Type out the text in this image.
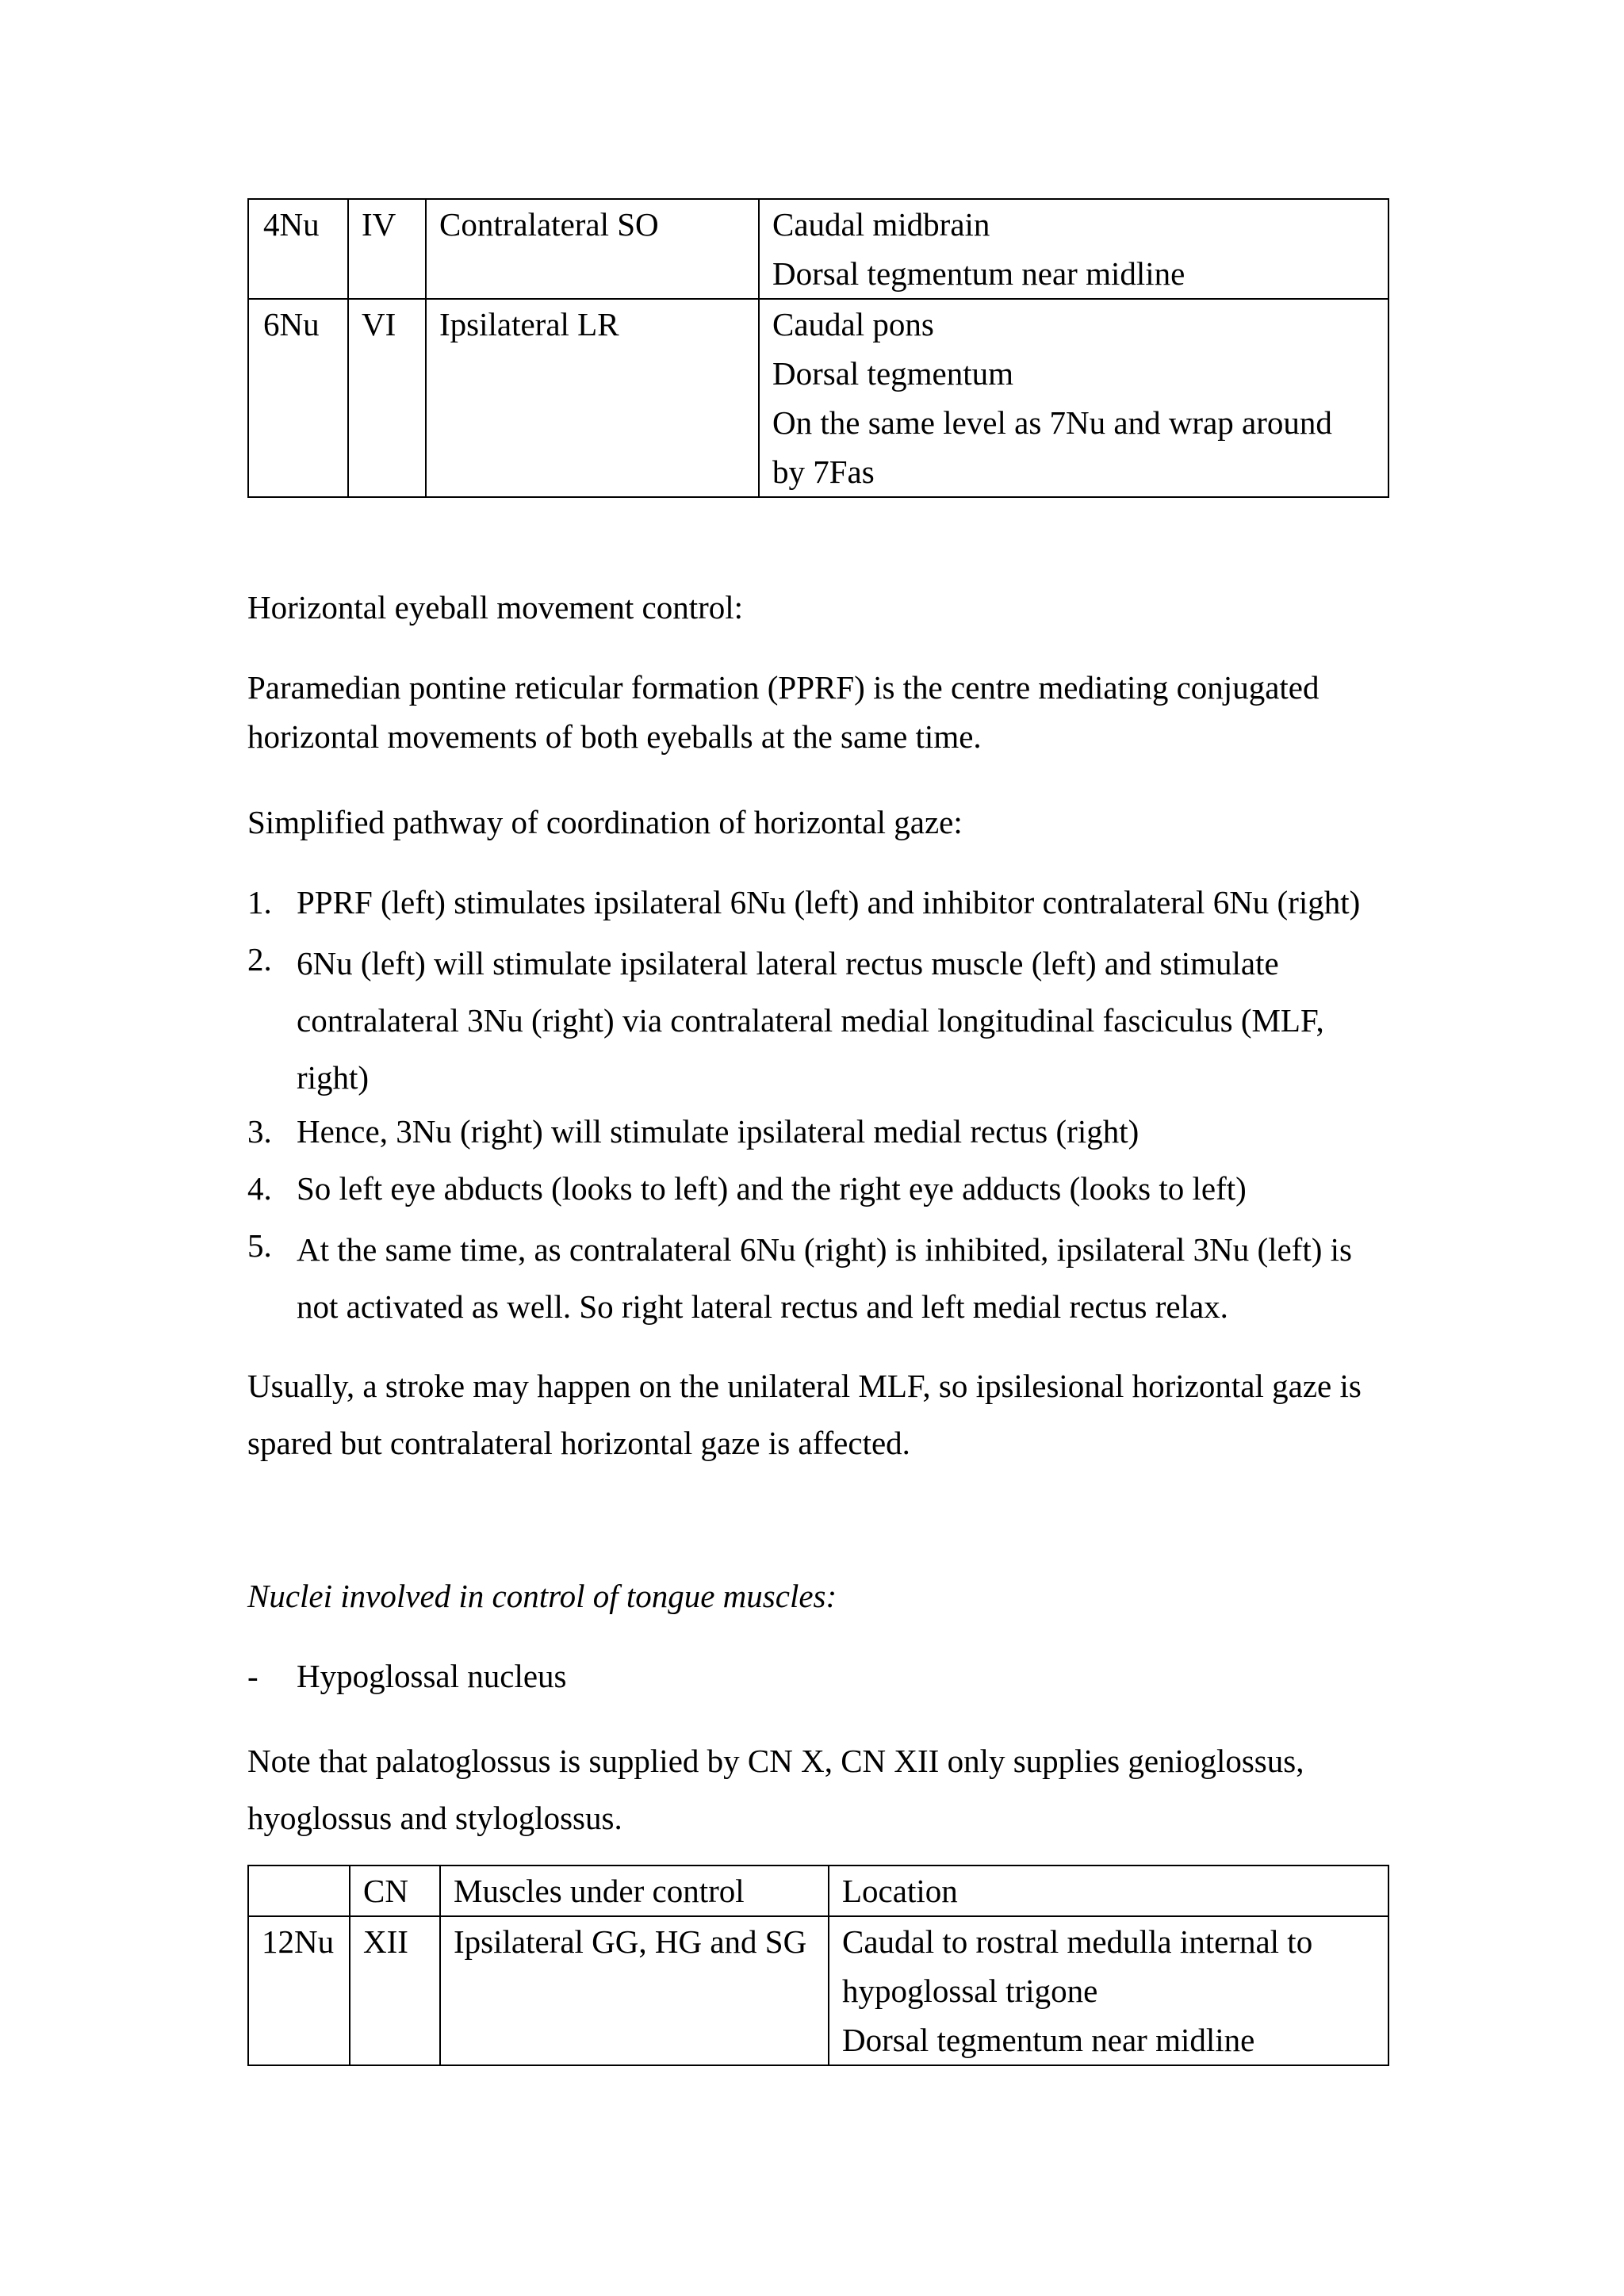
4Nu	IV	Contralateral SO	Caudal midbrain
Dorsal tegmentum near midline

6Nu	VI	Ipsilateral LR	Caudal pons
Dorsal tegmentum
On the same level as 7Nu and wrap around
by 7Fas
Horizontal eyeball movement control:
Paramedian pontine reticular formation (PPRF) is the centre mediating conjugated
horizontal movements of both eyeballs at the same time.
Simplified pathway of coordination of horizontal gaze:
1. PPRF (left) stimulates ipsilateral 6Nu (left) and inhibitor contralateral 6Nu (right)
2. 6Nu (left) will stimulate ipsilateral lateral rectus muscle (left) and stimulate
contralateral 3Nu (right) via contralateral medial longitudinal fasciculus (MLF,
right)
3. Hence, 3Nu (right) will stimulate ipsilateral medial rectus (right)
4. So left eye abducts (looks to left) and the right eye adducts (looks to left)
5. At the same time, as contralateral 6Nu (right) is inhibited, ipsilateral 3Nu (left) is
not activated as well. So right lateral rectus and left medial rectus relax.
Usually, a stroke may happen on the unilateral MLF, so ipsilesional horizontal gaze is
spared but contralateral horizontal gaze is affected.
Nuclei involved in control of tongue muscles:
- Hypoglossal nucleus
Note that palatoglossus is supplied by CN X, CN XII only supplies genioglossus,
hyoglossus and styloglossus.
	CN	Muscles under control	Location
12Nu	XII	Ipsilateral GG, HG and SG	Caudal to rostral medulla internal to
hypoglossal trigone
Dorsal tegmentum near midline
